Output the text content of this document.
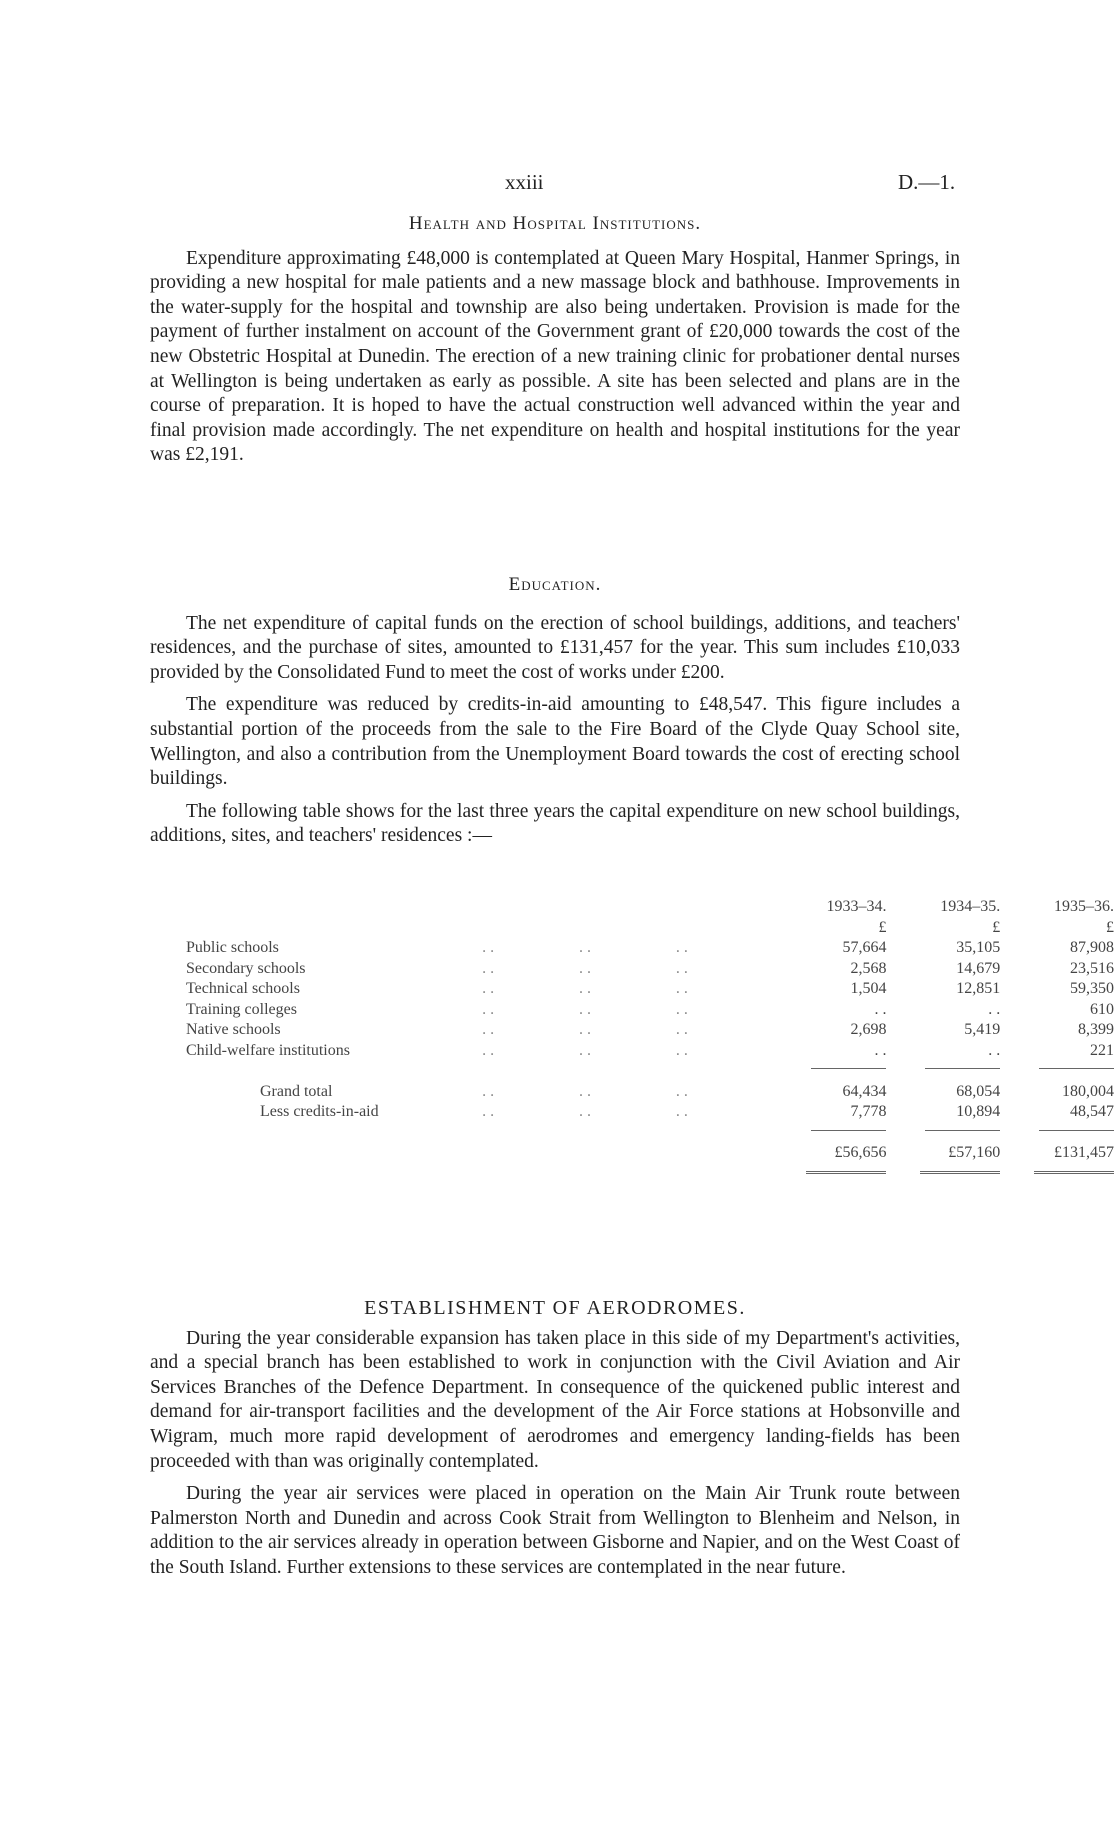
xxiii	D.—1.
Health and Hospital Institutions.

Expenditure approximating £48,000 is contemplated at Queen Mary Hospital, Hanmer Springs, in providing a new hospital for male patients and a new massage block and bathhouse. Improvements in the water-supply for the hospital and township are also being undertaken. Provision is made for the payment of further instalment on account of the Government grant of £20,000 towards the cost of the new Obstetric Hospital at Dunedin. The erection of a new training clinic for probationer dental nurses at Wellington is being undertaken as early as possible. A site has been selected and plans are in the course of preparation. It is hoped to have the actual construction well advanced within the year and final provision made accordingly. The net expenditure on health and hospital institutions for the year was £2,191.

Education.

The net expenditure of capital funds on the erection of school buildings, additions, and teachers' residences, and the purchase of sites, amounted to £131,457 for the year. This sum includes £10,033 provided by the Consolidated Fund to meet the cost of works under £200.

The expenditure was reduced by credits-in-aid amounting to £48,547. This figure includes a substantial portion of the proceeds from the sale to the Fire Board of the Clyde Quay School site, Wellington, and also a contribution from the Unemployment Board towards the cost of erecting school buildings.

The following table shows for the last three years the capital expenditure on new school buildings, additions, sites, and teachers' residences :—

				1933–34.	1934–35.	1935–36.
				£	£	£
Public schools	. .	. .	. .	57,664	35,105	87,908
Secondary schools	. .	. .	. .	2,568	14,679	23,516
Technical schools	. .	. .	. .	1,504	12,851	59,350
Training colleges	. .	. .	. .	. .	. .	610
Native schools	. .	. .	. .	2,698	5,419	8,399
Child-welfare institutions	. .	. .	. .	. .	. .	221

Grand total	. .	. .	. .	64,434	68,054	180,004
Less credits-in-aid	. .	. .	. .	7,778	10,894	48,547

				£56,656	£57,160	£131,457

ESTABLISHMENT OF AERODROMES.

During the year considerable expansion has taken place in this side of my Department's activities, and a special branch has been established to work in conjunction with the Civil Aviation and Air Services Branches of the Defence Department. In consequence of the quickened public interest and demand for air-transport facilities and the development of the Air Force stations at Hobsonville and Wigram, much more rapid development of aerodromes and emergency landing-fields has been proceeded with than was originally contemplated.

During the year air services were placed in operation on the Main Air Trunk route between Palmerston North and Dunedin and across Cook Strait from Wellington to Blenheim and Nelson, in addition to the air services already in operation between Gisborne and Napier, and on the West Coast of the South Island. Further extensions to these services are contemplated in the near future.
